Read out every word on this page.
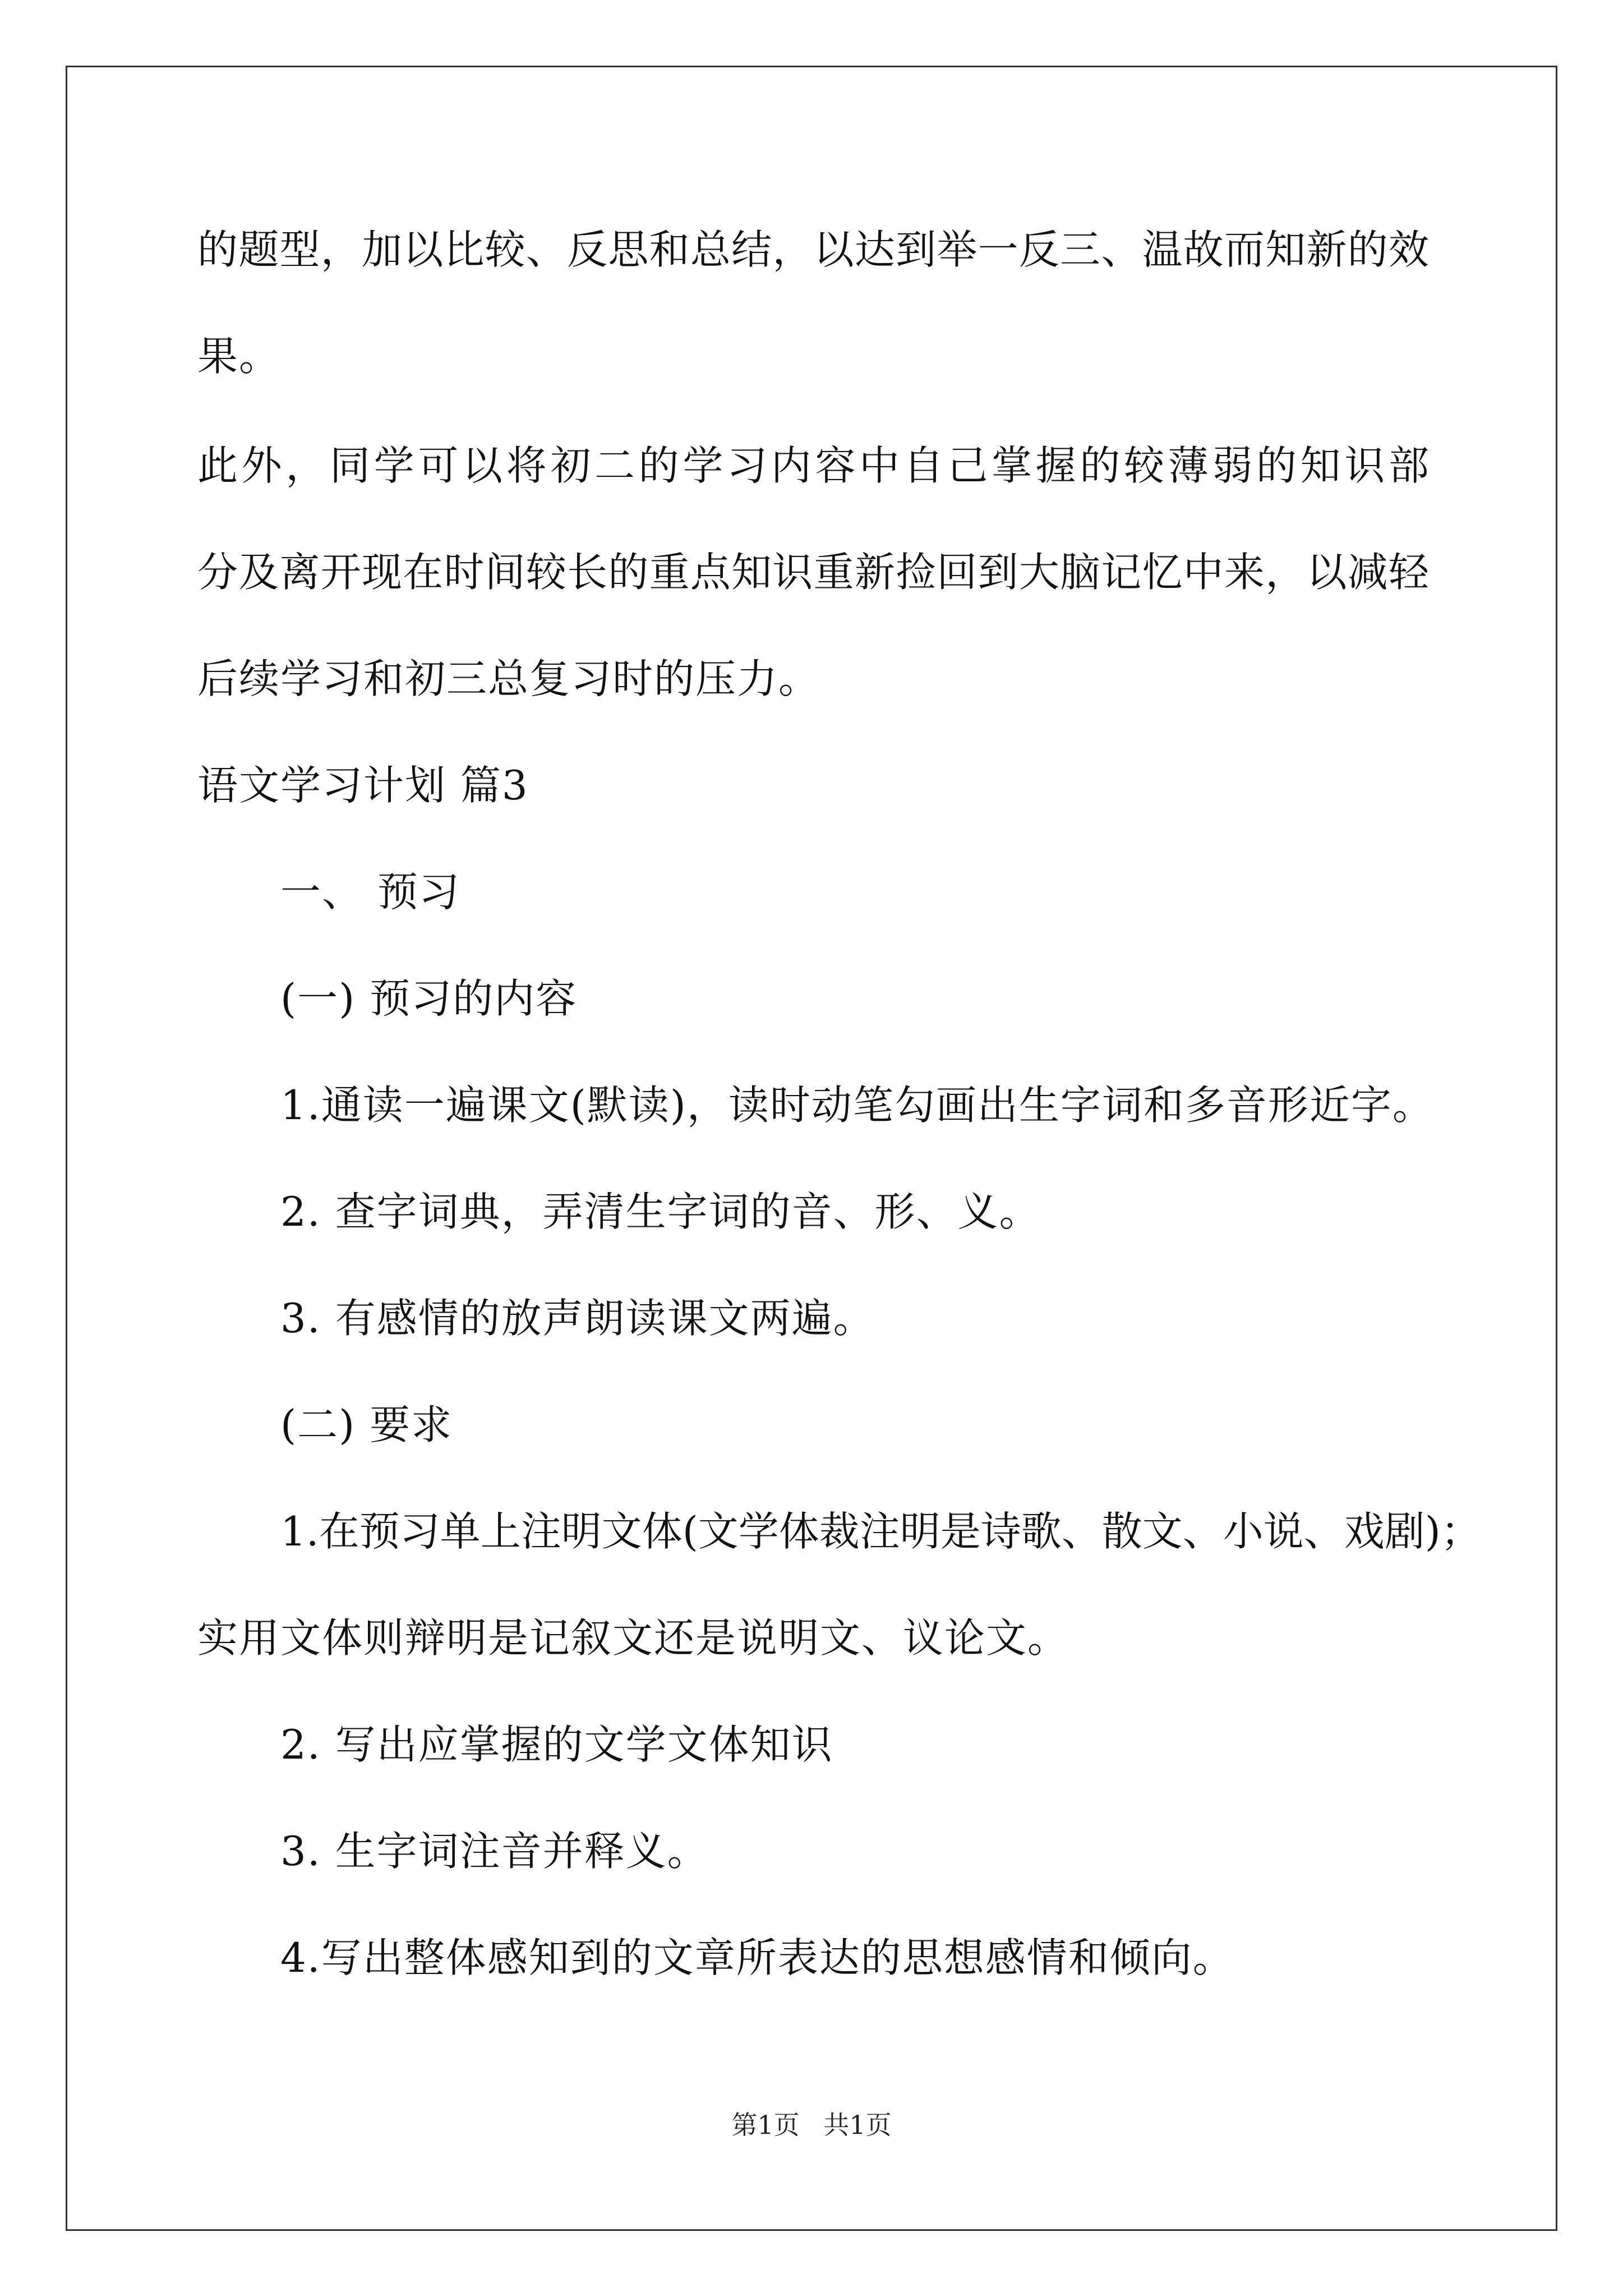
的题型，加以比较、反思和总结，以达到举一反三、温故而知新的效
果。
此外，同学可以将初二的学习内容中自己掌握的较薄弱的知识部
分及离开现在时间较长的重点知识重新捡回到大脑记忆中来，以减轻
后续学习和初三总复习时的压力。
语文学习计划 篇3
一、 预习
(一) 预习的内容
1.通读一遍课文(默读)，读时动笔勾画出生字词和多音形近字。
2. 查字词典，弄清生字词的音、形、义。
3. 有感情的放声朗读课文两遍。
(二) 要求
1.在预习单上注明文体(文学体裁注明是诗歌、散文、小说、戏剧)；
实用文体则辩明是记叙文还是说明文、议论文。
2. 写出应掌握的文学文体知识
3. 生字词注音并释义。
4.写出整体感知到的文章所表达的思想感情和倾向。
第1页 共1页
